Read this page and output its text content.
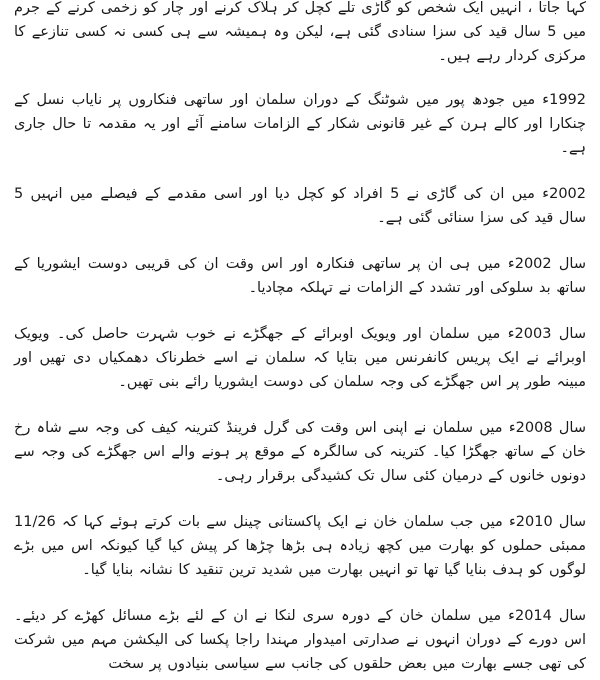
کہا جاتا ، انہیں ایک شخص کو گاڑی تلے کچل کر ہلاک کرنے اور چار کو زخمی کرنے کے جرم میں 5 سال قید کی سزا سنادی گئی ہے، لیکن وہ ہمیشہ سے ہی کسی نہ کسی تنازعے کا مرکزی کردار رہے ہیں۔

1992ء میں جودھ پور میں شوٹنگ کے دوران سلمان اور ساتھی فنکاروں پر نایاب نسل کے چنکارا اور کالے ہرن کے غیر قانونی شکار کے الزامات سامنے آئے اور یہ مقدمہ تا حال جاری ہے۔

2002ء میں ان کی گاڑی نے 5 افراد کو کچل دیا اور اسی مقدمے کے فیصلے میں انہیں 5 سال قید کی سزا سنائی گئی ہے۔

سال 2002ء میں ہی ان پر ساتھی فنکارہ اور اس وقت ان کی قریبی دوست ایشوریا کے ساتھ بد سلوکی اور تشدد کے الزامات نے تہلکہ مچادیا۔

سال 2003ء میں سلمان اور ویویک اوبرائے کے جھگڑے نے خوب شہرت حاصل کی۔ ویویک اوبرائے نے ایک پریس کانفرنس میں بتایا کہ سلمان نے اسے خطرناک دھمکیاں دی تھیں اور مبینہ طور پر اس جھگڑے کی وجہ سلمان کی دوست ایشوریا رائے بنی تھیں۔

سال 2008ء میں سلمان نے اپنی اس وقت کی گرل فرینڈ کترینہ کیف کی وجہ سے شاہ رخ خان کے ساتھ جھگڑا کیا۔ کترینہ کی سالگرہ کے موقع پر ہونے والے اس جھگڑے کی وجہ سے دونوں خانوں کے درمیان کئی سال تک کشیدگی برقرار رہی۔

سال 2010ء میں جب سلمان خان نے ایک پاکستانی چینل سے بات کرتے ہوئے کہا کہ 11/26 ممبئی حملوں کو بھارت میں کچھ زیادہ ہی بڑھا چڑھا کر پیش کیا گیا کیونکہ اس میں بڑے لوگوں کو ہدف بنایا گیا تھا تو انہیں بھارت میں شدید ترین تنقید کا نشانہ بنایا گیا۔

سال 2014ء میں سلمان خان کے دورہ سری لنکا نے ان کے لئے بڑے مسائل کھڑے کر دیئے۔ اس دورے کے دوران انہوں نے صدارتی امیدوار مہندا راجا پکسا کی الیکشن مہم میں شرکت کی تھی جسے بھارت میں بعض حلقوں کی جانب سے سیاسی بنیادوں پر سخت
